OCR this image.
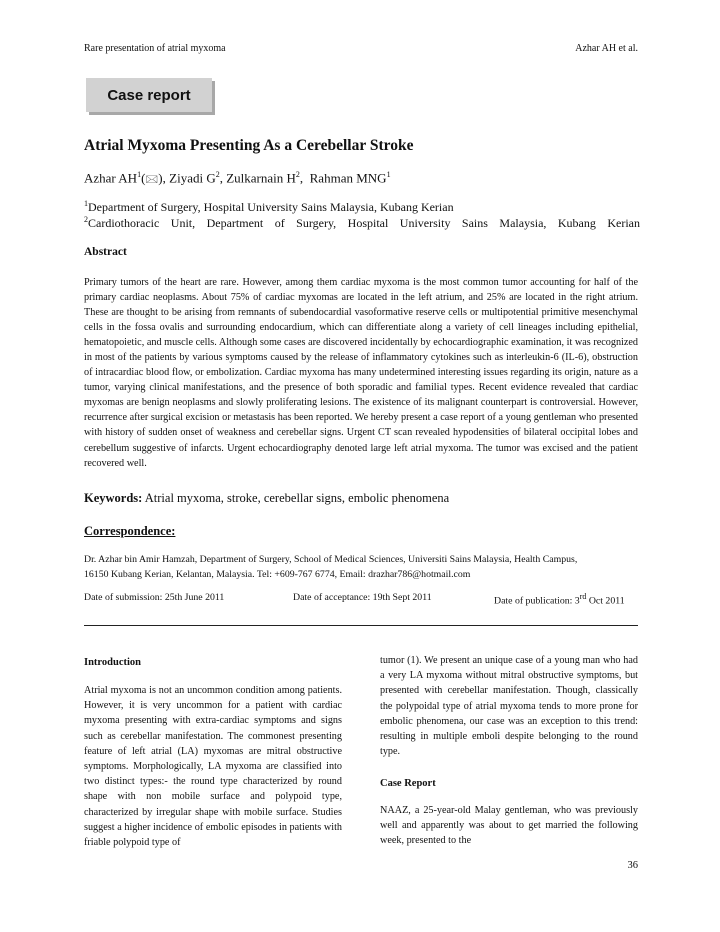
Rare presentation of atrial myxoma	Azhar AH et al.
Case report
Atrial Myxoma Presenting As a Cerebellar Stroke
Azhar $AH^1(🖂)$, Ziyadi $G^2$, Zulkarnain $H^2$,  Rahman MNG$^1$
$^1$Department of Surgery, Hospital University Sains Malaysia, Kubang Kerian
$^2$Cardiothoracic Unit, Department of Surgery, Hospital University Sains Malaysia, Kubang Kerian
Abstract
Primary tumors of the heart are rare. However, among them cardiac myxoma is the most common tumor accounting for half of the primary cardiac neoplasms. About 75% of cardiac myxomas are located in the left atrium, and 25% are located in the right atrium. These are thought to be arising from remnants of subendocardial vasoformative reserve cells or multipotential primitive mesenchymal cells in the fossa ovalis and surrounding endocardium, which can differentiate along a variety of cell lineages including epithelial, hematopoietic, and muscle cells. Although some cases are discovered incidentally by echocardiographic examination, it was recognized in most of the patients by various symptoms caused by the release of inflammatory cytokines such as interleukin-6 (IL-6), obstruction of intracardiac blood flow, or embolization. Cardiac myxoma has many undetermined interesting issues regarding its origin, nature as a tumor, varying clinical manifestations, and the presence of both sporadic and familial types. Recent evidence revealed that cardiac myxomas are benign neoplasms and slowly proliferating lesions. The existence of its malignant counterpart is controversial. However, recurrence after surgical excision or metastasis has been reported. We hereby present a case report of a young gentleman who presented with history of sudden onset of weakness and cerebellar signs. Urgent CT scan revealed hypodensities of bilateral occipital lobes and cerebellum suggestive of infarcts. Urgent echocardiography denoted large left atrial myxoma. The tumor was excised and the patient recovered well.
Keywords: Atrial myxoma, stroke, cerebellar signs, embolic phenomena
Correspondence:
Dr. Azhar bin Amir Hamzah, Department of Surgery, School of Medical Sciences, Universiti Sains Malaysia, Health Campus,
16150 Kubang Kerian, Kelantan, Malaysia. Tel: +609-767 6774, Email: drazhar786@hotmail.com
Date of submission: 25th June 2011	Date of acceptance: 19th Sept 2011	Date of publication: 3rd Oct 2011
Introduction
Atrial myxoma is not an uncommon condition among patients. However, it is very uncommon for a patient with cardiac myxoma presenting with extra-cardiac symptoms and signs such as cerebellar manifestation. The commonest presenting feature of left atrial (LA) myxomas are mitral obstructive symptoms. Morphologically, LA myxoma are classified into two distinct types:- the round type characterized by round shape with non mobile surface and polypoid type, characterized by irregular shape with mobile surface. Studies suggest a higher incidence of embolic episodes in patients with friable polypoid type of
tumor (1). We present an unique case of a young man who had a very LA myxoma without mitral obstructive symptoms, but presented with cerebellar manifestation. Though, classically the polypoidal type of atrial myxoma tends to more prone for embolic phenomena, our case was an exception to this trend: resulting in multiple emboli despite belonging to the round type.
Case Report
NAAZ, a 25-year-old Malay gentleman, who was previously well and apparently was about to get married the following week, presented to the
36
